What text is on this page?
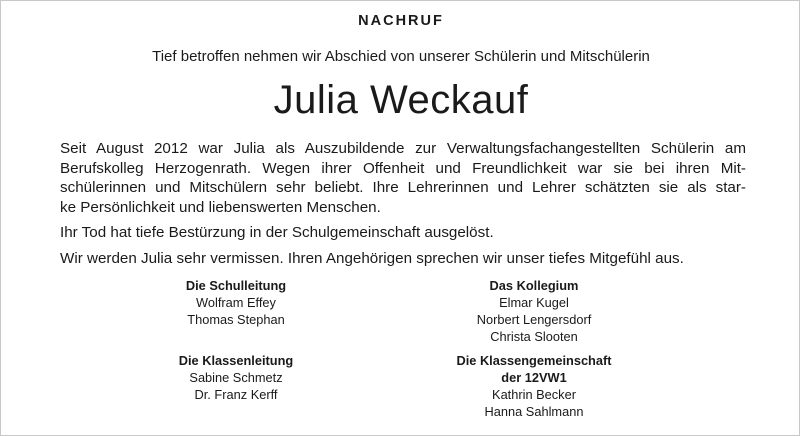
NACHRUF
Tief betroffen nehmen wir Abschied von unserer Schülerin und Mitschülerin
Julia Weckauf

Seit August 2012 war Julia als Auszubildende zur Verwaltungsfachangestellten Schülerin am
Berufskolleg Herzogenrath. Wegen ihrer Offenheit und Freundlichkeit war sie bei ihren Mit-
schülerinnen und Mitschülern sehr beliebt. Ihre Lehrerinnen und Lehrer schätzten sie als star-
ke Persönlichkeit und liebenswerten Menschen.

Ihr Tod hat tiefe Bestürzung in der Schulgemeinschaft ausgelöst.

Wir werden Julia sehr vermissen. Ihren Angehörigen sprechen wir unser tiefes Mitgefühl aus.

Die Schulleitung
Wolfram Effey
Thomas Stephan
Das Kollegium
Elmar Kugel
Norbert Lengersdorf
Christa Slooten
Die Klassenleitung
Sabine Schmetz
Dr. Franz Kerff
Die Klassengemeinschaft
der 12VW1
Kathrin Becker
Hanna Sahlmann
